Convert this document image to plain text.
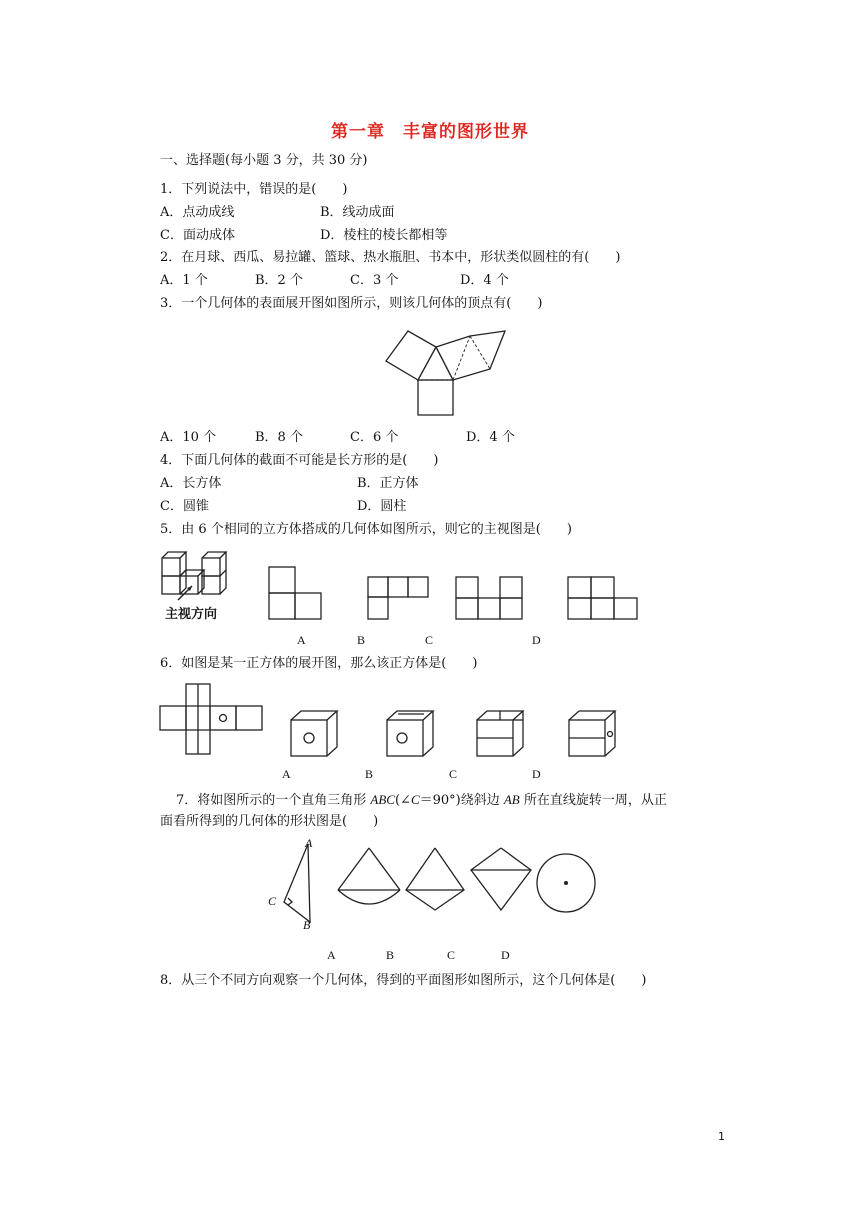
第一章　丰富的图形世界
一、选择题(每小题 3 分，共 30 分)
1．下列说法中，错误的是(　　)
A．点动成线	B．线动成面
C．面动成体	D．棱柱的棱长都相等
2．在月球、西瓜、易拉罐、篮球、热水瓶胆、书本中，形状类似圆柱的有(　　)
A．1 个	B．2 个	C．3 个	D．4 个
3．一个几何体的表面展开图如图所示，则该几何体的顶点有(　　)
A．10 个	B．8 个	C．6 个	D．4 个
4．下面几何体的截面不可能是长方形的是(　　)
A．长方体	B．正方体
C．圆锥	D．圆柱
5．由 6 个相同的立方体搭成的几何体如图所示，则它的主视图是(　　)
主视方向
A	B	C	D
6．如图是某一正方体的展开图，那么该正方体是(　　)
A	B	C	D
7．将如图所示的一个直角三角形 ABC(∠C＝90°)绕斜边 AB 所在直线旋转一周，从正
面看所得到的几何体的形状图是(　　)
A
C
B
A	B	C	D
8．从三个不同方向观察一个几何体，得到的平面图形如图所示，这个几何体是(　　)
1
